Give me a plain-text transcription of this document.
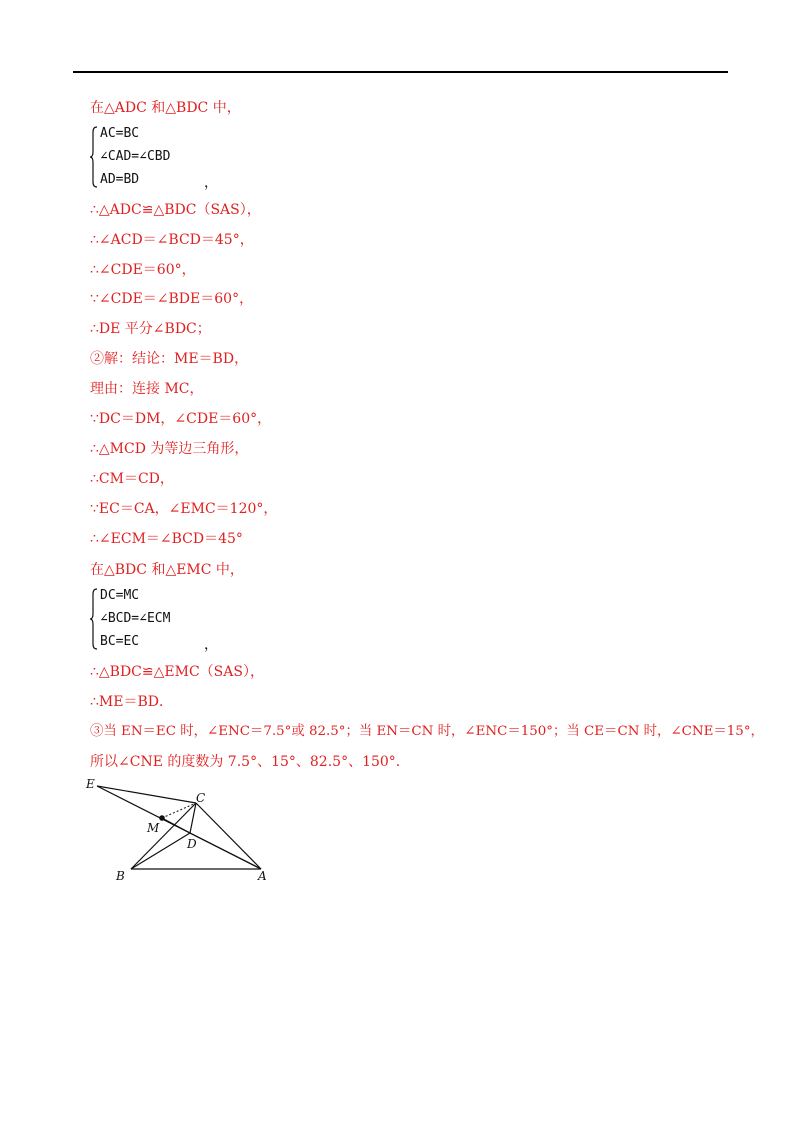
在△ADC 和△BDC 中，
AC=BC
∠CAD=∠CBD
AD=BD	，
∴△ADC≌△BDC（SAS），
∴∠ACD＝∠BCD＝45°，
∴∠CDE＝60°，
∵∠CDE＝∠BDE＝60°，
∴DE 平分∠BDC；
②解：结论：ME＝BD，
理由：连接 MC，
∵DC＝DM，∠CDE＝60°，
∴△MCD 为等边三角形，
∴CM＝CD，
∵EC＝CA，∠EMC＝120°，
∴∠ECM＝∠BCD＝45°
在△BDC 和△EMC 中，
DC=MC
∠BCD=∠ECM
BC=EC	，
∴△BDC≌△EMC（SAS），
∴ME＝BD．
③当 EN＝EC 时，∠ENC＝7.5°或 82.5°；当 EN＝CN 时，∠ENC＝150°；当 CE＝CN 时，∠CNE＝15°，
所以∠CNE 的度数为 7.5°、15°、82.5°、150°．
E
C
M
D
B	A
